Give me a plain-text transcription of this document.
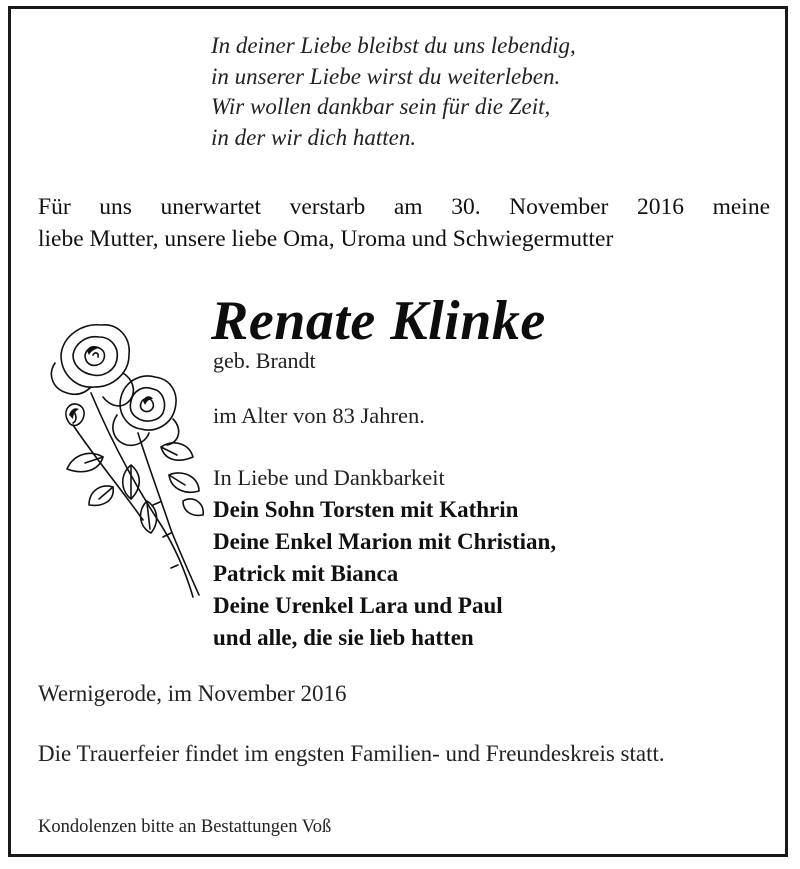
In deiner Liebe bleibst du uns lebendig,
in unserer Liebe wirst du weiterleben.
Wir wollen dankbar sein für die Zeit,
in der wir dich hatten.
Für uns unerwartet verstarb am 30. November 2016 meine
liebe Mutter, unsere liebe Oma, Uroma und Schwiegermutter
Renate Klinke
geb. Brandt
im Alter von 83 Jahren.
In Liebe und Dankbarkeit
Dein Sohn Torsten mit Kathrin
Deine Enkel Marion mit Christian,
Patrick mit Bianca
Deine Urenkel Lara und Paul
und alle, die sie lieb hatten
Wernigerode, im November 2016
Die Trauerfeier findet im engsten Familien- und Freundeskreis statt.
Kondolenzen bitte an Bestattungen Voß
